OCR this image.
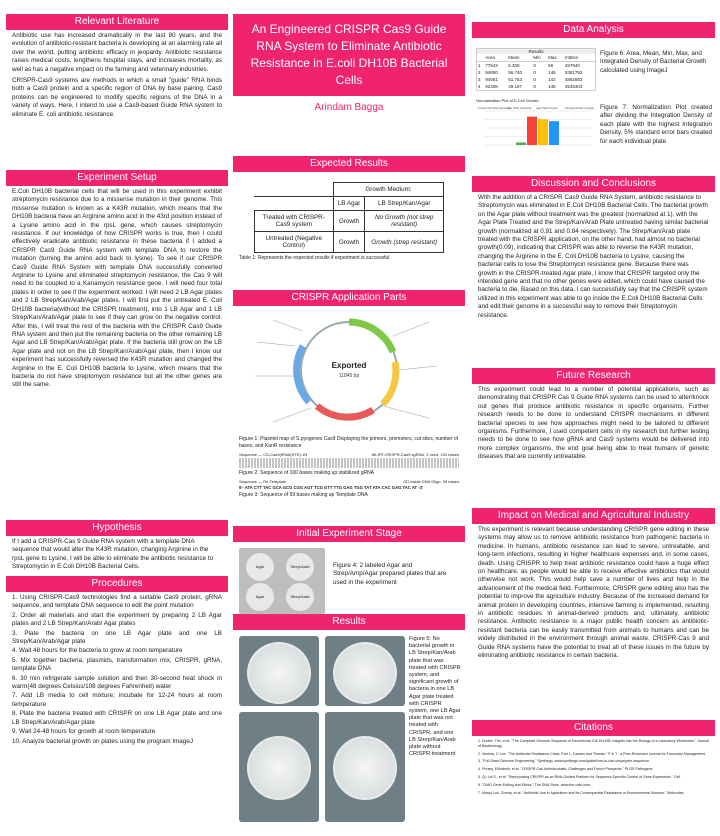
Relevant Literature

Antibiotic use has increased dramatically in the last 80 years, and the evolution of antibiotic-resistant bacteria is developing at an alarming rate all over the world, putting antibiotic efficacy in jeopardy. Antibiotic resistance raises medical costs, lengthens hospital stays, and increases mortality, as well as has a negative impact on the farming and veterinary industries.

CRISPR-Cas9 systems are methods in which a small "guide" RNA binds both a Cas9 protein and a specific region of DNA by base pairing. Cas9 proteins can be engineered to modify specific regions of the DNA in a variety of ways. Here, I intend to use a Cas9-based Guide RNA system to eliminate E. coli antibiotic resistance.

Experiment Setup

E.Coli DH10B bacterial cells that will be used in this experiment exhibit streptomycin resistance due to a missense mutation in their genome. This missense mutation is known as a K43R mutation, which means that the DH10B bacteria have an Arginine amino acid in the 43rd position instead of a Lysine amino acid in the rpsL gene, which causes streptomycin resistance. If our knowledge of how CRISPR works is true, then I could effectively eradicate antibiotic resistance in these bacteria if I added a CRISPR Cas9 Guide RNA system with template DNA to restore the mutation (turning the amino acid back to lysine). To see if our CRISPR Cas9 Guide RNA System with template DNA successfully converted Arginine to Lysine and eliminated streptomycin resistance, the Cas 9 will need to be coupled to a Kanamycin resistance gene. I will need four total plates in order to see if the experiment worked. I will need 2 LB Agar plates and 2 LB Strep/Kan/Arab/Agar plates. I will first put the untreated E. Coli DH10B bacteria(without the CRISPR treatment), into 1 LB Agar and 1 LB Strep/Kan/Arab/Agar plate to see if they can grow on the negative control. After this, I will treat the rest of the bacteria with the CRISPR Cas9 Guide RNA system and then put the remaining bacteria on the other remaining LB Agar and LB Strep/Kan/Arab/Agar plate. If the bacteria still grow on the LB Agar plate and not on the LB Strep/Kan/Arab/Agar plate, then I know our experiment has successfully reversed the K43R mutation and changed the Arginine in the E. Coli DH10B bacteria to Lysine, which means that the bacteria do not have streptomycin resistance but all the other genes are still the same.

Hypothesis

If I add a CRISPR-Cas 9 Guide RNA system with a template DNA sequence that would alter the K43R mutation, changing Arginine in the rpsL gene to Lysine, I will be able to eliminate the antibiotic resistance to Streptomycin in E.Coli DH10B Bacterial Cells.

Procedures

1. Using CRISPR-Cas9 technologies find a suitable Cas9 protein, gRNA sequence, and template DNA sequence to edit the point mutation

2. Order all materials and start the experiment by preparing 2 LB Agar plates and 2 LB Strep/Kan/Arab/ Agar plates

3. Plate the bacteria on one LB Agar plate and one LB Strep/Kan/Arab/Agar plate

4. Wait 48 hours for the bacteria to grow at room temperature

5. Mix together bacteria, plasmids, transformation mix, CRISPR, gRNA, template DNA

6. 30 min refrigerate sample solution and then 30-second heat shock in warm(48 degrees Celsius/108 degrees Fahrenheit) water

7. Add LB media to cell mixture; incubate for 12-24 hours at room temperature

8. Plate the bacteria treated with CRISPR on one LB Agar plate and one LB Strep/Kan/Arab/Agar plate

9. Wait 24-48 hours for growth at room temperature

10. Analyze bacterial growth on plates using the program ImageJ

An Engineered CRISPR Cas9 Guide RNA System to Eliminate Antibiotic Resistance in E.coli DH10B Bacterial Cells
Arindam Bagga
Expected Results
	Growth Medium:	
	LB Agar	LB Strep/Kan/Agar
Treated with CRISPR-Cas9 system	Growth	No Growth (not strep resistant)
Untreated (Negative Control)	Growth	Growth (strep resistant)
Table 1: Represents the expected results if experiment is successful
CRISPR Application Parts
Exported
11845 bp
Figure 1: Plasmid map of S.pyogenes Cas9 Displaying the primers, promoters, cut sites, number of bases, and KanR resistance
Sequence — CS-Cas9(tRNA(STE)-1N	Alt-R® CRISPR-Cas9 sgRNA, 2 nmol, 100 bases
Figure 2: Sequence of 100 bases making up stabilized gRNA
Sequence — Re-Template	OD inside DNA Oligo, 39 bases
5'- ATA CTT TAC GCA GCG CGG AGT TCG GTT TTG GAG TGG TAT ATA CAC GAG TAC AT -3'
Figure 3: Sequence of 59 bases making up Template DNA
Initial Experiment Stage
Agar	Strep/Arab
Agar	Strep/Arab
Figure 4: 2 labeled Agar and Strep/Amp/Agar prepared plates that are used in the experiment
Results
Figure 5: No bacterial growth in LB Strep/Kan/Arab plate that was treated with CRISPR system, and significant growth of bacteria in one LB Agar plate treated with CRISPR system, one LB Agar plate that was not treated with CRISPR, and one LB Strep/Kan/Arab plate without CRISPR treatment
Data Analysis
Results
	Area	Mean	Min	Max	IntDen
1	77543	6.309	0	58	457940
2	94850	56.740	0	146	5381792
3	94581	51.753	0	142	4892853
4	92408	49.187	0	148	4545303
Figure 6: Area, Mean, Min, Max, and Integrated Density of Bacterial Growth calculated using ImageJ
Normalization Plot of E.Coli Growth
Treated with Strep/Kan/Arab
Agar Plate Untreated Agar Plate Treated	Strep/Kan/Arab Untreated Figure 7: Normalization Plot created after dividing the Integration Density of each plate with the highest Integration Density. 5% standard error bars created for each individual plate
Discussion and Conclusions

With the addition of a CRISPR Cas9 Guide RNA System, antibiotic resistance to Streptomycin was eliminated in E.Coli DH10B Bacterial Cells. The bacterial growth on the Agar plate without treatment was the greatest (normalized at 1), with the Agar Plate Treated and the Strep/Kan/Arab Plate untreated having similar bacterial growth (normalized at 0.91 and 0.84 respectively). The Strep/Kan/Arab plate treated with the CRISPR application, on the other hand, had almost no bacterial growth(0.09), indicating that CRISPR was able to reverse the K43R mutation, changing the Arginine in the E. Coli DH10B bacteria to Lysine, causing the bacterial cells to lose the Streptomycin resistance gene. Because there was growth in the CRISPR-treated Agar plate, I know that CRISPR targeted only the intended gene and that no other genes were edited, which could have caused the bacteria to die. Based on this data, I can successfully say that the CRISPR system utilized in this experiment was able to go inside the E.Coli DH10B Bacterial Cells and edit their genome in a successful way to remove their Streptomycin resistance.

Future Research

This experiment could lead to a number of potential applications, such as demonstrating that CRISPR Cas 9 Guide RNA systems can be used to alter/knock out genes that produce antibiotic resistance in specific organisms. Further research needs to be done to understand CRISPR mechanisms in different bacterial species to see how approaches might need to be tailored to different organisms. Furthermore, I used competent cells in my research but further testing needs to be done to see how gRNA and Cas9 systems would be delivered into more complex organisms, the end goal being able to treat humans of genetic diseases that are currently untreatable.

Impact on Medical and Agricultural Industry

This experiment is relevant because understanding CRISPR gene editing in these systems may allow us to remove antibiotic resistance from pathogenic bacteria in medicine. In humans, antibiotic resistance can lead to severe, untreatable, and long-term infections, resulting in higher healthcare expenses and, in some cases, death. Using CRISPR to help treat antibiotic resistance could have a huge effect on healthcare, as people would be able to receive effective antibiotics that would otherwise not work. This would help save a number of lives and help in the advancement of the medical field. Furthermore, CRISPR gene editing also has the potential to improve the agriculture industry. Because of the increased demand for animal protein in developing countries, intensive farming is implemented, resulting in antibiotic residues in animal-derived products and, ultimately, antibiotic resistance. Antibiotic resistance is a major public health concern as antibiotic-resistant bacteria can be easily transmitted from animals to humans and can be widely distributed in the environment through animal waste. CRISPR-Cas 9 and Guide RNA systems have the potential to treat all of these issues in the future by eliminating antibiotic resistance in certain bacteria.

Citations
1. Durfee, Tim, et al. "The Complete Genome Sequence of Escherichia Coli DH10B: Insights into the Biology of a Laboratory Workhorse." Journal of Bacteriology.
2. Ventola, C Lee. "The Antibiotic Resistance Crisis: Part 1: Causes and Threats." P & T : a Peer-Reviewed Journal for Formulary Management.
3. "Full-Stack Genome Engineering." Synthego, www.synthego.com/guide/how-to-use-crispr/pam-sequence.
4. Pursey, Elizabeth, et al. "CRISPR-Cas Antimicrobials: Challenges and Future Prospects." PLOS Pathogens.
5. Qi, Lei S., et al. "Repurposing CRISPR as an RNA-Guided Platform for Sequence-Specific Control of Gene Expression." Cell.
6. "GMO Gene Editing and Ethics." The DNA Store, www.the-odin.com.
7. Manyi-Loh, Christy, et al. "Antibiotic Use in Agriculture and Its Consequential Resistance in Environmental Sources." Molecules.
